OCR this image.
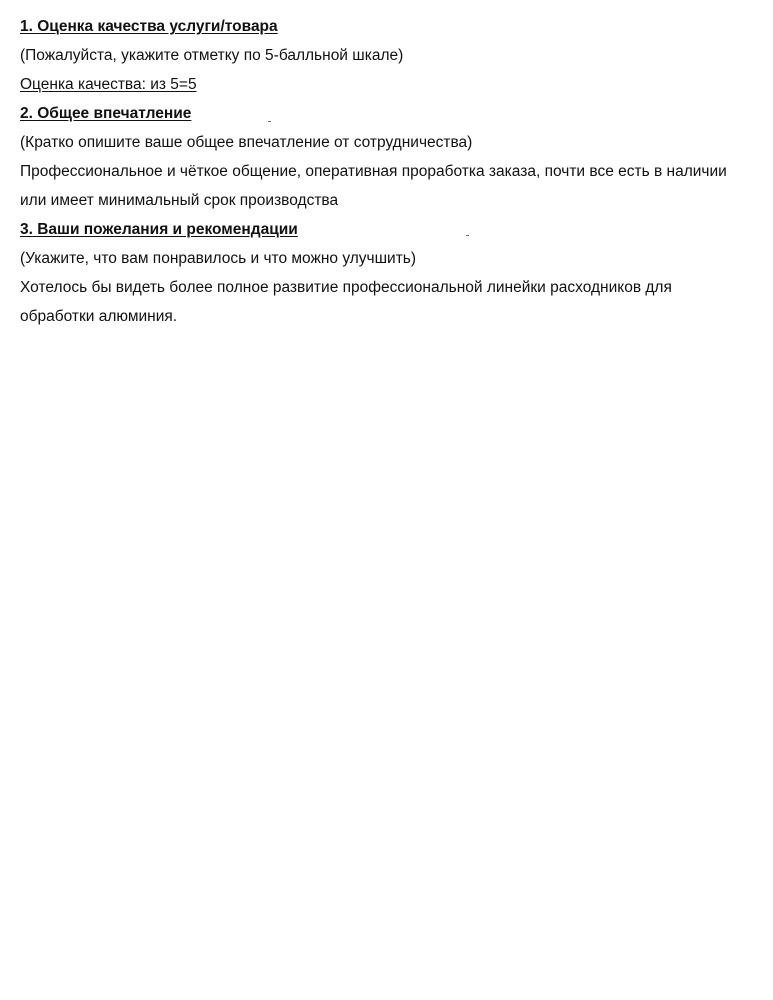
1. Оценка качества услуги/товара
(Пожалуйста, укажите отметку по 5-балльной шкале)
Оценка качества: из 5=5
2. Общее впечатление
(Кратко опишите ваше общее впечатление от сотрудничества)
Профессиональное и чёткое общение, оперативная проработка заказа, почти все есть в наличии
или имеет минимальный срок производства
3. Ваши пожелания и рекомендации
(Укажите, что вам понравилось и что можно улучшить)
Хотелось бы видеть более полное развитие профессиональной линейки расходников для
обработки алюминия.
